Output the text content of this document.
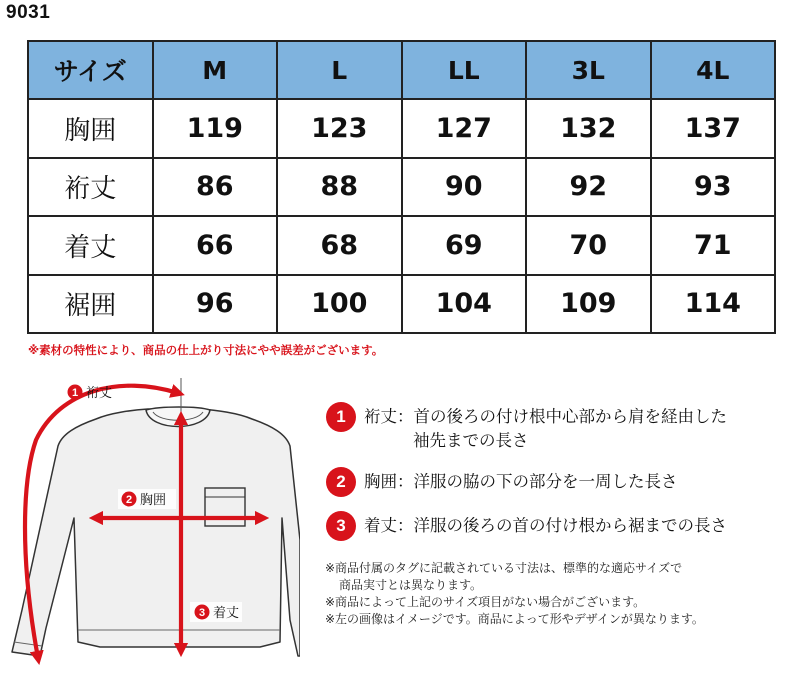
9031
サイズ	M	L	LL	3L	4L
胸囲	119	123	127	132	137
裄丈	86	88	90	92	93
着丈	66	68	69	70	71
裾囲	96	100	104	109	114
※素材の特性により、商品の仕上がり寸法にやや誤差がございます。
1 裄丈
2 胸囲
3 着丈
1	裄丈：首の後ろの付け根中心部から肩を経由した
袖先までの長さ
2	胸囲：洋服の脇の下の部分を一周した長さ
3	着丈：洋服の後ろの首の付け根から裾までの長さ
※商品付属のタグに記載されている寸法は、標準的な適応サイズで
商品実寸とは異なります。
※商品によって上記のサイズ項目がない場合がございます。
※左の画像はイメージです。商品によって形やデザインが異なります。
